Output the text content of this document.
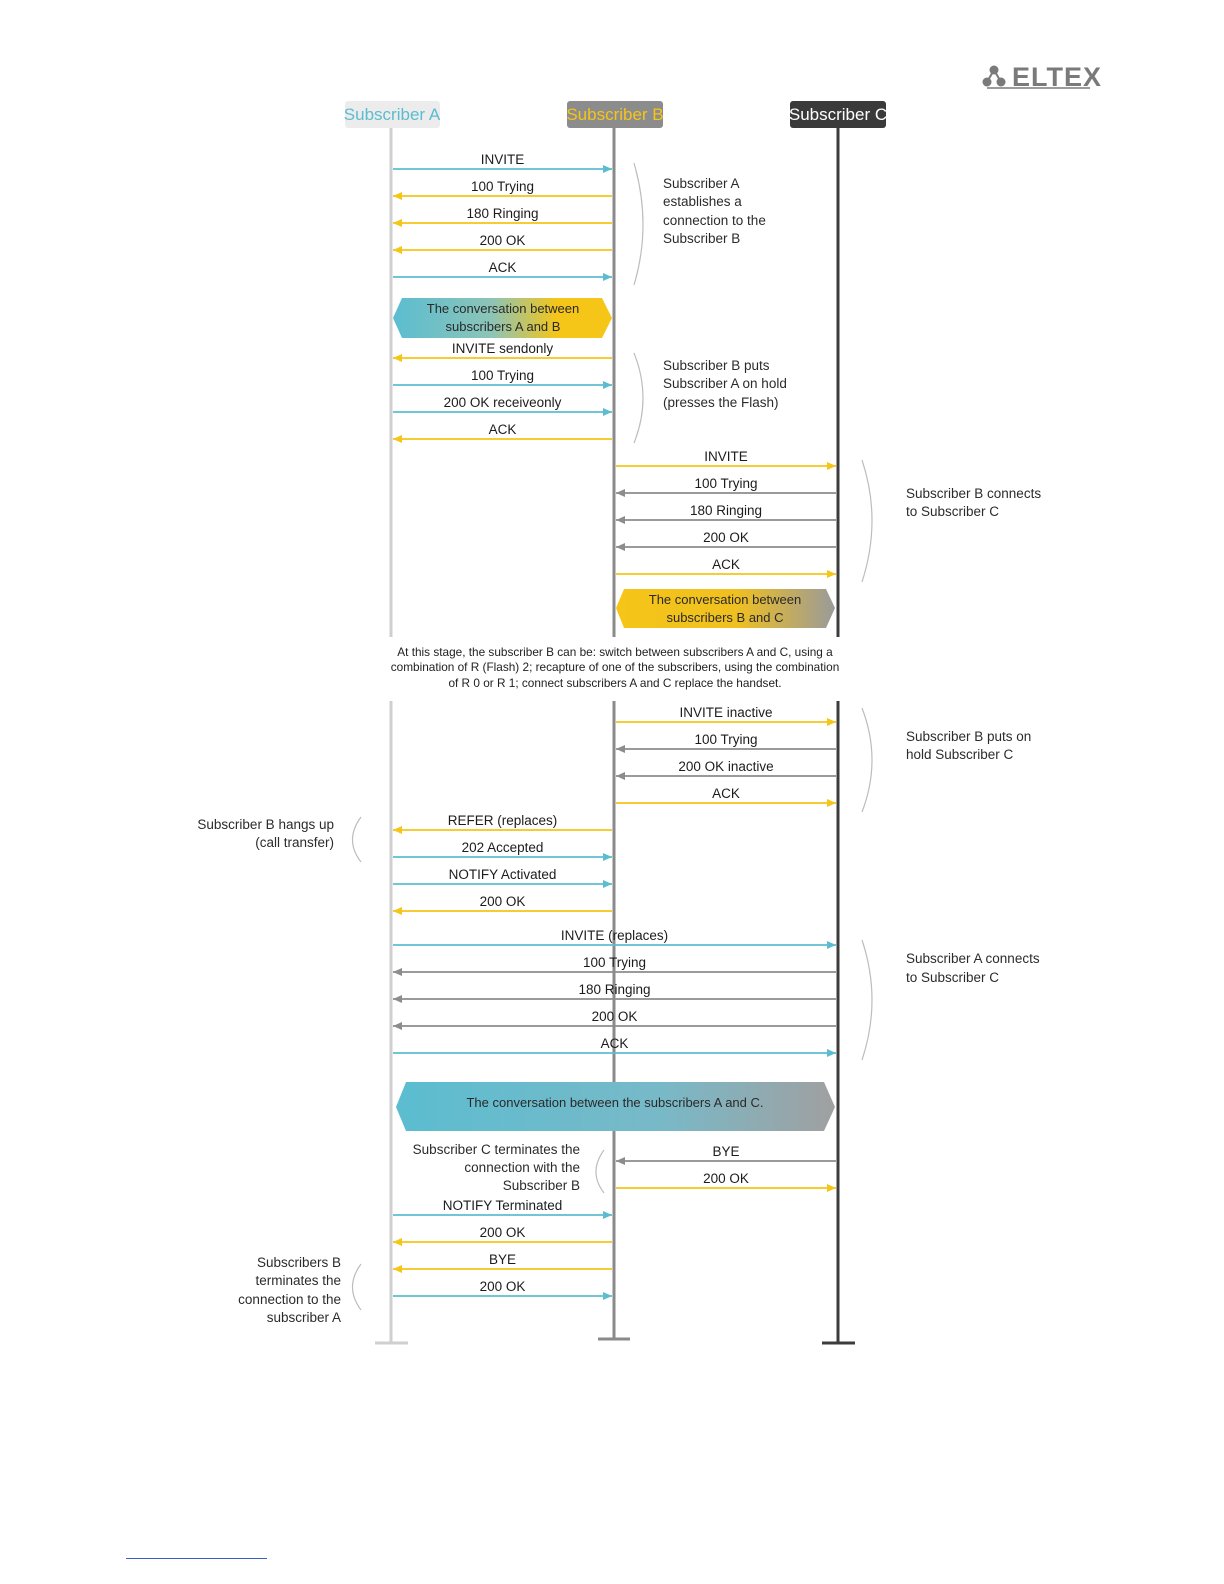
ELTEX
Subscriber A	Subscriber B	Subscriber C
INVITE
100 Trying
180 Ringing
200 OK
ACK
INVITE sendonly
100 Trying
200 OK receiveonly
ACK
INVITE
100 Trying
180 Ringing
200 OK
ACK
INVITE inactive
100 Trying
200 OK inactive
ACK
REFER (replaces)
202 Accepted
NOTIFY Activated
200 OK
INVITE (replaces)
100 Trying
180 Ringing
200 OK
ACK
BYE
200 OK
NOTIFY Terminated
200 OK
BYE
200 OK
The conversation between
subscribers A and B
The conversation between
subscribers B and C
The conversation between the subscribers A and C.
At this stage, the subscriber B can be: switch between subscribers A and C, using a
combination of R (Flash) 2; recapture of one of the subscribers, using the combination
of R 0 or R 1; connect subscribers A and C replace the handset.
Subscriber A
establishes a
connection to the
Subscriber B
Subscriber B puts
Subscriber A on hold
(presses the Flash)
Subscriber B connects
to Subscriber C
Subscriber B puts on
hold Subscriber C
Subscriber B hangs up
(call transfer)
Subscriber A connects
to Subscriber C
Subscriber C terminates the
connection with the
Subscriber B
Subscribers B
terminates the
connection to the
subscriber A
